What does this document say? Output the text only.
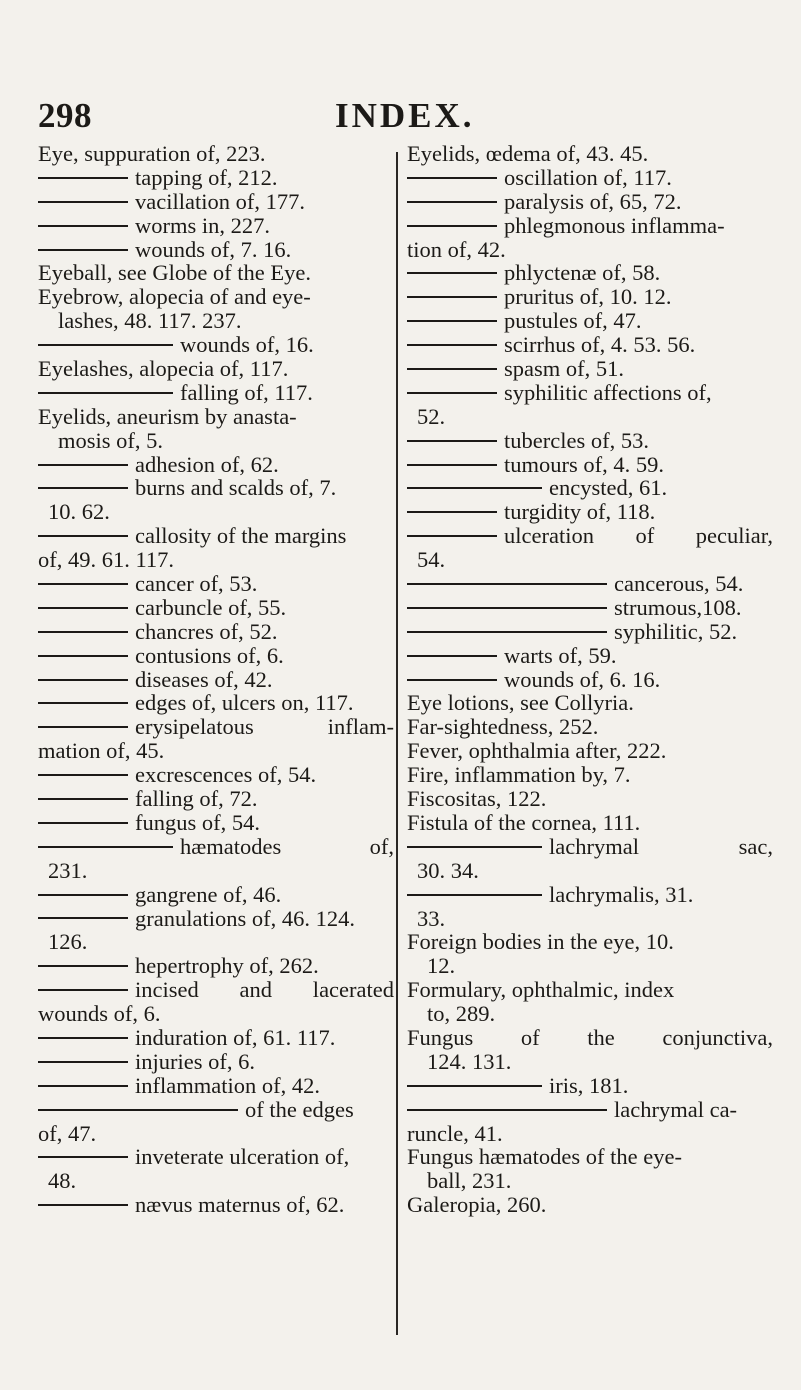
298	INDEX.
Eye, suppuration of, 223.
tapping of, 212.
vacillation of, 177.
worms in, 227.
wounds of, 7. 16.
Eyeball, see Globe of the Eye.
Eyebrow, alopecia of and eye-
lashes, 48. 117. 237.
wounds of, 16.
Eyelashes, alopecia of, 117.
falling of, 117.
Eyelids, aneurism by anasta-
mosis of, 5.
adhesion of, 62.
burns and scalds of, 7.
10. 62.
callosity of the margins
of, 49. 61. 117.
cancer of, 53.
carbuncle of, 55.
chancres of, 52.
contusions of, 6.
diseases of, 42.
edges of, ulcers on, 117.
erysipelatous inflam-
mation of, 45.
excrescences of, 54.
falling of, 72.
fungus of, 54.
hæmatodes of,
231.
gangrene of, 46.
granulations of, 46. 124.
126.
hepertrophy of, 262.
incised and lacerated
wounds of, 6.
induration of, 61. 117.
injuries of, 6.
inflammation of, 42.
of the edges
of, 47.
inveterate ulceration of,
48.
nævus maternus of, 62.
Eyelids, œdema of, 43. 45.
oscillation of, 117.
paralysis of, 65, 72.
phlegmonous inflamma-
tion of, 42.
phlyctenæ of, 58.
pruritus of, 10. 12.
pustules of, 47.
scirrhus of, 4. 53. 56.
spasm of, 51.
syphilitic affections of,
52.
tubercles of, 53.
tumours of, 4. 59.
encysted, 61.
turgidity of, 118.
ulceration of peculiar,
54.
cancerous, 54.
strumous,108.
syphilitic, 52.
warts of, 59.
wounds of, 6. 16.
Eye lotions, see Collyria.
Far-sightedness, 252.
Fever, ophthalmia after, 222.
Fire, inflammation by, 7.
Fiscositas, 122.
Fistula of the cornea, 111.
lachrymal sac,
30. 34.
lachrymalis, 31.
33.
Foreign bodies in the eye, 10.
12.
Formulary, ophthalmic, index
to, 289.
Fungus of the conjunctiva,
124. 131.
iris, 181.
lachrymal ca-
runcle, 41.
Fungus hæmatodes of the eye-
ball, 231.
Galeropia, 260.
